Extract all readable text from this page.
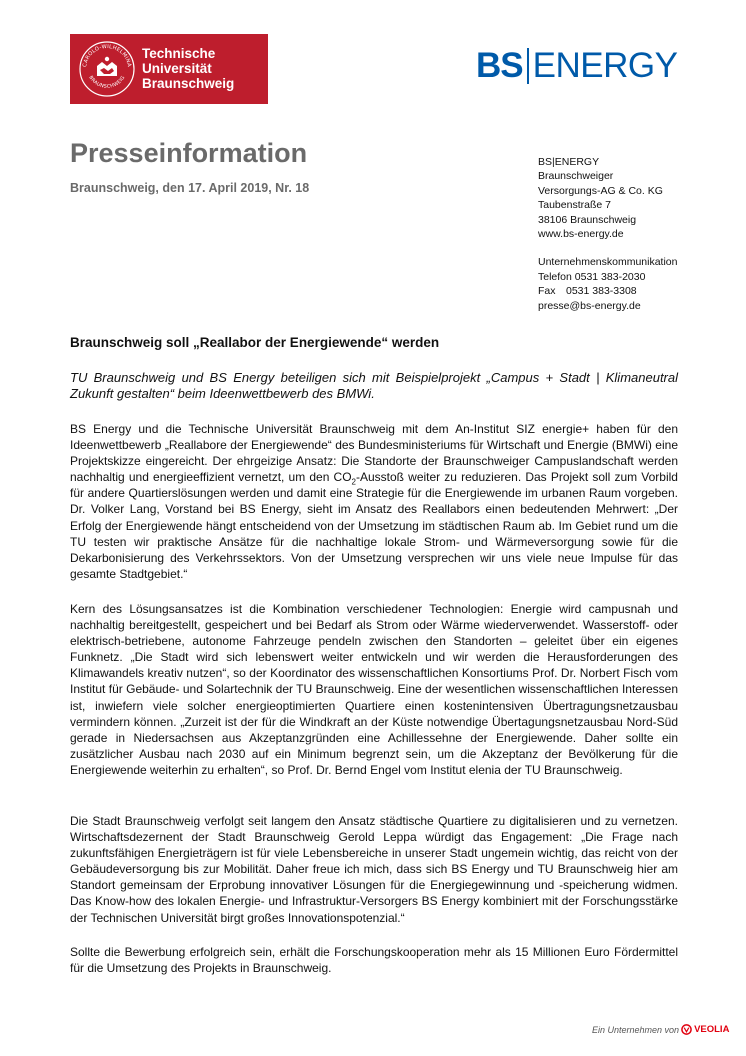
CAROLO-WILHELMINA
BRAUNSCHWEIG
Technische
Universität
Braunschweig	BS ENERGY
Presseinformation
Braunschweig, den 17. April 2019, Nr. 18
BS|ENERGY
Braunschweiger
Versorgungs-AG & Co. KG
Taubenstraße 7
38106 Braunschweig
www.bs-energy.de
Unternehmenskommunikation
Telefon 0531 383-2030
Fax 0531 383-3308
presse@bs-energy.de
Braunschweig soll „Reallabor der Energiewende“ werden
TU Braunschweig und BS Energy beteiligen sich mit Beispielprojekt „Campus + Stadt | Klimaneutral Zukunft gestalten“ beim Ideenwettbewerb des BMWi.
BS Energy und die Technische Universität Braunschweig mit dem An-Institut SIZ energie+ haben für den Ideenwettbewerb „Reallabore der Energiewende“ des Bundesministeriums für Wirtschaft und Energie (BMWi) eine Projektskizze eingereicht. Der ehrgeizige Ansatz: Die Standorte der Braunschweiger Campuslandschaft werden nachhaltig und energieeffizient vernetzt, um den $CO_2$-Ausstoß weiter zu reduzieren. Das Projekt soll zum Vorbild für andere Quartierslösungen werden und damit eine Strategie für die Energiewende im urbanen Raum vorgeben. Dr. Volker Lang, Vorstand bei BS Energy, sieht im Ansatz des Reallabors einen bedeutenden Mehrwert: „Der Erfolg der Energiewende hängt entscheidend von der Umsetzung im städtischen Raum ab. Im Gebiet rund um die TU testen wir praktische Ansätze für die nachhaltige lokale Strom- und Wärmeversorgung sowie für die Dekarbonisierung des Verkehrssektors. Von der Umsetzung versprechen wir uns viele neue Impulse für das gesamte Stadtgebiet.“
Kern des Lösungsansatzes ist die Kombination verschiedener Technologien: Energie wird campusnah und nachhaltig bereitgestellt, gespeichert und bei Bedarf als Strom oder Wärme wiederverwendet. Wasserstoff- oder elektrisch-betriebene, autonome Fahrzeuge pendeln zwischen den Standorten – geleitet über ein eigenes Funknetz. „Die Stadt wird sich lebenswert weiter entwickeln und wir werden die Herausforderungen des Klimawandels kreativ nutzen“, so der Koordinator des wissenschaftlichen Konsortiums Prof. Dr. Norbert Fisch vom Institut für Gebäude- und Solartechnik der TU Braunschweig. Eine der wesentlichen wissenschaftlichen Interessen ist, inwiefern viele solcher energieoptimierten Quartiere einen kostenintensiven Übertragungsnetzausbau vermindern können. „Zurzeit ist der für die Windkraft an der Küste notwendige Übertagungsnetzausbau Nord-Süd gerade in Niedersachsen aus Akzeptanzgründen eine Achillessehne der Energiewende. Daher sollte ein zusätzlicher Ausbau nach 2030 auf ein Minimum begrenzt sein, um die Akzeptanz der Bevölkerung für die Energiewende weiterhin zu erhalten“, so Prof. Dr. Bernd Engel vom Institut elenia der TU Braunschweig.
Die Stadt Braunschweig verfolgt seit langem den Ansatz städtische Quartiere zu digitalisieren und zu vernetzen. Wirtschaftsdezernent der Stadt Braunschweig Gerold Leppa würdigt das Engagement: „Die Frage nach zukunftsfähigen Energieträgern ist für viele Lebensbereiche in unserer Stadt ungemein wichtig, das reicht von der Gebäudeversorgung bis zur Mobilität. Daher freue ich mich, dass sich BS Energy und TU Braunschweig hier am Standort gemeinsam der Erprobung innovativer Lösungen für die Energiegewinnung und -speicherung widmen. Das Know-how des lokalen Energie- und Infrastruktur-Versorgers BS Energy kombiniert mit der Forschungsstärke der Technischen Universität birgt großes Innovationspotenzial.“
Sollte die Bewerbung erfolgreich sein, erhält die Forschungskooperation mehr als 15 Millionen Euro Fördermittel für die Umsetzung des Projekts in Braunschweig.
Ein Unternehmen von VEOLIA
